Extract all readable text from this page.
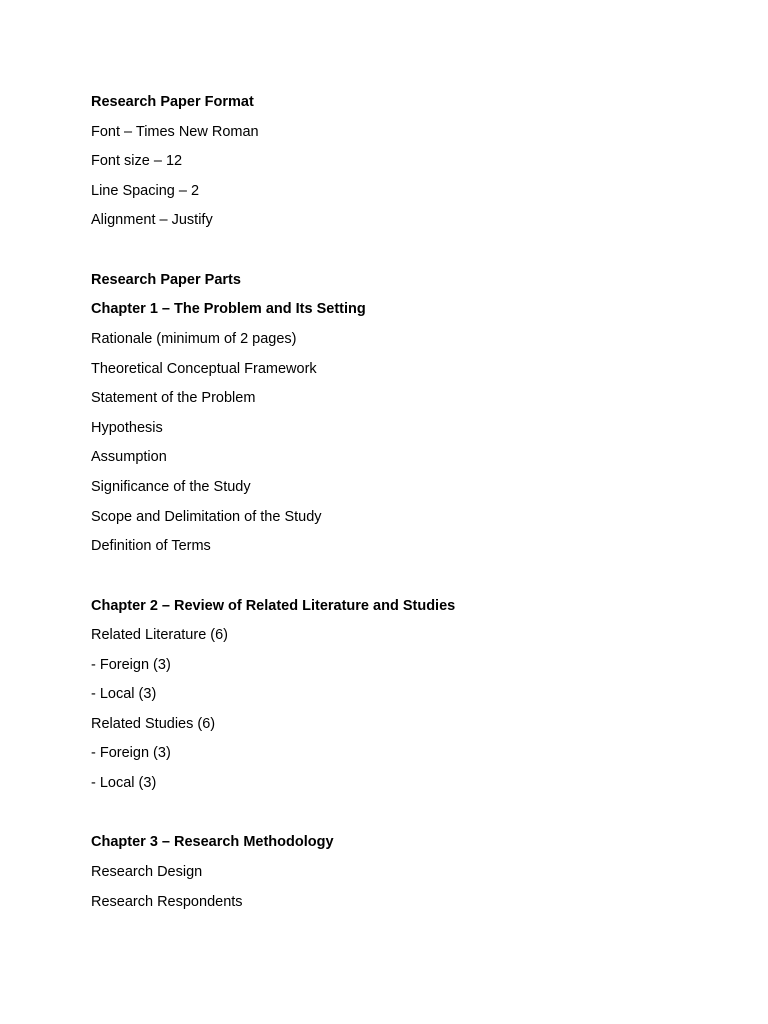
Research Paper Format
Font – Times New Roman
Font size – 12
Line Spacing – 2
Alignment – Justify
Research Paper Parts
Chapter 1 – The Problem and Its Setting
Rationale (minimum of 2 pages)
Theoretical Conceptual Framework
Statement of the Problem
Hypothesis
Assumption
Significance of the Study
Scope and Delimitation of the Study
Definition of Terms
Chapter 2 – Review of Related Literature and Studies
Related Literature (6)
- Foreign (3)
- Local (3)
Related Studies (6)
- Foreign (3)
- Local (3)
Chapter 3 – Research Methodology
Research Design
Research Respondents
